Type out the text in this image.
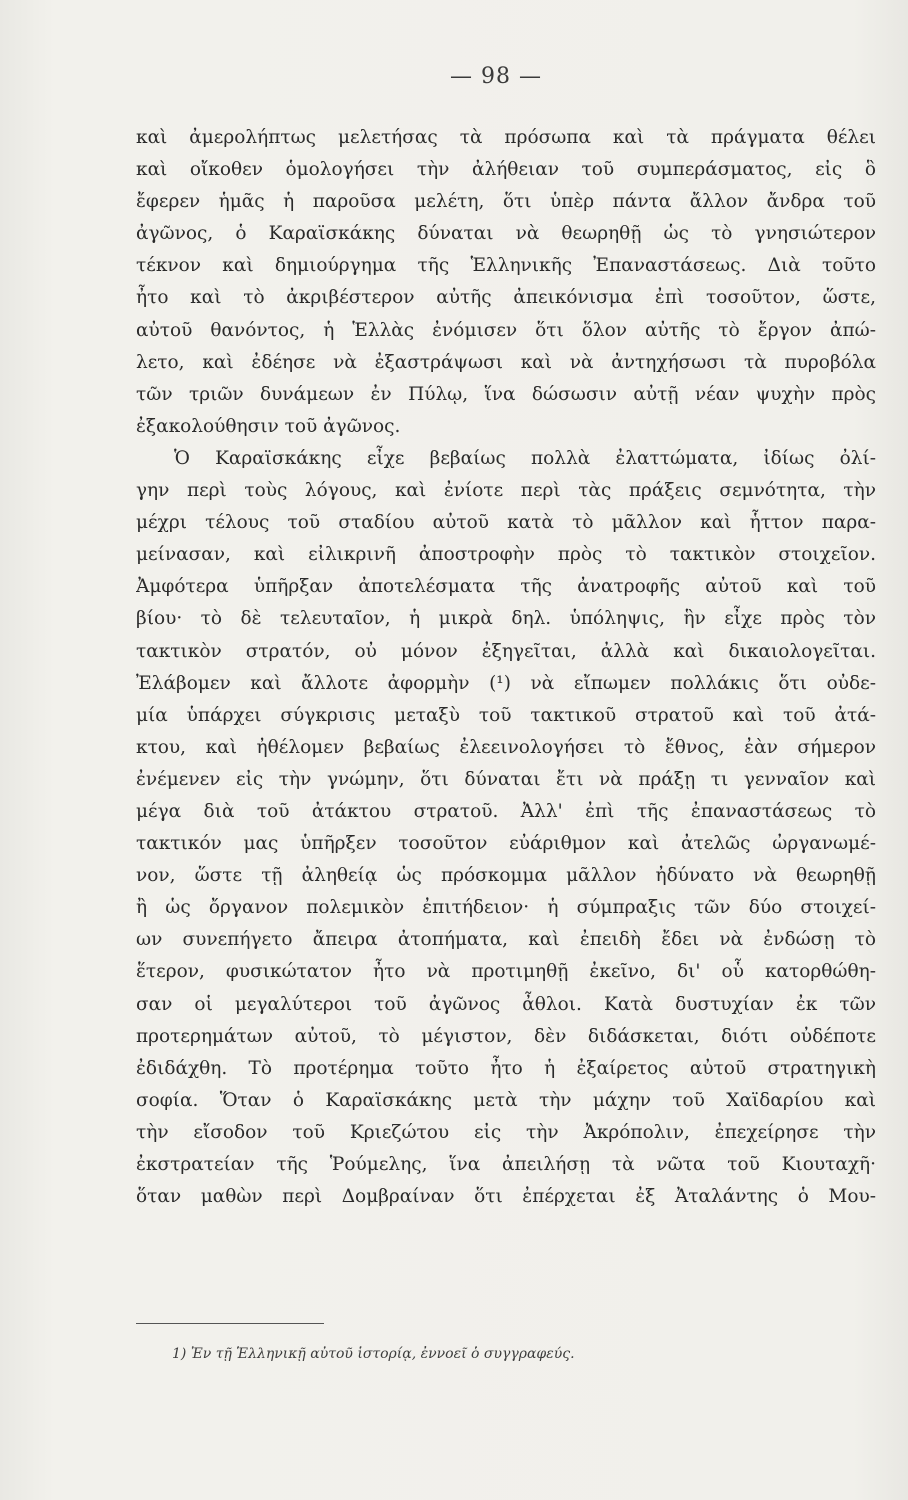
— 98 —
καὶ ἀμερολήπτως μελετήσας τὰ πρόσωπα καὶ τὰ πράγματα θέλει
καὶ οἴκοθεν ὁμολογήσει τὴν ἀλήθειαν τοῦ συμπεράσματος, εἰς ὃ
ἔφερεν ἡμᾶς ἡ παροῦσα μελέτη, ὅτι ὑπὲρ πάντα ἄλλον ἄνδρα τοῦ
ἀγῶνος, ὁ Καραϊσκάκης δύναται νὰ θεωρηθῇ ὡς τὸ γνησιώτερον
τέκνον καὶ δημιούργημα τῆς Ἑλληνικῆς Ἐπαναστάσεως. Διὰ τοῦτο
ἦτο καὶ τὸ ἀκριβέστερον αὐτῆς ἀπεικόνισμα ἐπὶ τοσοῦτον, ὥστε,
αὐτοῦ θανόντος, ἡ Ἑλλὰς ἐνόμισεν ὅτι ὅλον αὐτῆς τὸ ἔργον ἀπώ-
λετο, καὶ ἐδέησε νὰ ἐξαστράψωσι καὶ νὰ ἀντηχήσωσι τὰ πυροβόλα
τῶν τριῶν δυνάμεων ἐν Πύλῳ, ἵνα δώσωσιν αὐτῇ νέαν ψυχὴν πρὸς
ἐξακολούθησιν τοῦ ἀγῶνος.
Ὁ Καραϊσκάκης εἶχε βεβαίως πολλὰ ἐλαττώματα, ἰδίως ὀλί-
γην περὶ τοὺς λόγους, καὶ ἐνίοτε περὶ τὰς πράξεις σεμνότητα, τὴν
μέχρι τέλους τοῦ σταδίου αὐτοῦ κατὰ τὸ μᾶλλον καὶ ἧττον παρα-
μείνασαν, καὶ εἰλικρινῆ ἀποστροφὴν πρὸς τὸ τακτικὸν στοιχεῖον.
Ἀμφότερα ὑπῆρξαν ἀποτελέσματα τῆς ἀνατροφῆς αὐτοῦ καὶ τοῦ
βίου· τὸ δὲ τελευταῖον, ἡ μικρὰ δηλ. ὑπόληψις, ἣν εἶχε πρὸς τὸν
τακτικὸν στρατόν, οὐ μόνον ἐξηγεῖται, ἀλλὰ καὶ δικαιολογεῖται.
Ἐλάβομεν καὶ ἄλλοτε ἀφορμὴν (¹) νὰ εἴπωμεν πολλάκις ὅτι οὐδε-
μία ὑπάρχει σύγκρισις μεταξὺ τοῦ τακτικοῦ στρατοῦ καὶ τοῦ ἀτά-
κτου, καὶ ἠθέλομεν βεβαίως ἐλεεινολογήσει τὸ ἔθνος, ἐὰν σήμερον
ἐνέμενεν εἰς τὴν γνώμην, ὅτι δύναται ἔτι νὰ πράξῃ τι γενναῖον καὶ
μέγα διὰ τοῦ ἀτάκτου στρατοῦ. Ἀλλ' ἐπὶ τῆς ἐπαναστάσεως τὸ
τακτικόν μας ὑπῆρξεν τοσοῦτον εὐάριθμον καὶ ἀτελῶς ὠργανωμέ-
νον, ὥστε τῇ ἀληθείᾳ ὡς πρόσκομμα μᾶλλον ἠδύνατο νὰ θεωρηθῇ
ἢ ὡς ὄργανον πολεμικὸν ἐπιτήδειον· ἡ σύμπραξις τῶν δύο στοιχεί-
ων συνεπήγετο ἄπειρα ἀτοπήματα, καὶ ἐπειδὴ ἔδει νὰ ἐνδώσῃ τὸ
ἕτερον, φυσικώτατον ἦτο νὰ προτιμηθῇ ἐκεῖνο, δι' οὗ κατορθώθη-
σαν οἱ μεγαλύτεροι τοῦ ἀγῶνος ἆθλοι. Κατὰ δυστυχίαν ἐκ τῶν
προτερημάτων αὐτοῦ, τὸ μέγιστον, δὲν διδάσκεται, διότι οὐδέποτε
ἐδιδάχθη. Τὸ προτέρημα τοῦτο ἦτο ἡ ἐξαίρετος αὐτοῦ στρατηγικὴ
σοφία. Ὅταν ὁ Καραϊσκάκης μετὰ τὴν μάχην τοῦ Χαϊδαρίου καὶ
τὴν εἴσοδον τοῦ Κριεζώτου εἰς τὴν Ἀκρόπολιν, ἐπεχείρησε τὴν
ἐκστρατείαν τῆς Ῥούμελης, ἵνα ἀπειλήσῃ τὰ νῶτα τοῦ Κιουταχῆ·
ὅταν μαθὼν περὶ Δομβραίναν ὅτι ἐπέρχεται ἐξ Ἀταλάντης ὁ Μου-
1) Ἐν τῇ Ἑλληνικῇ αὐτοῦ ἱστορίᾳ, ἐννοεῖ ὁ συγγραφεύς.
